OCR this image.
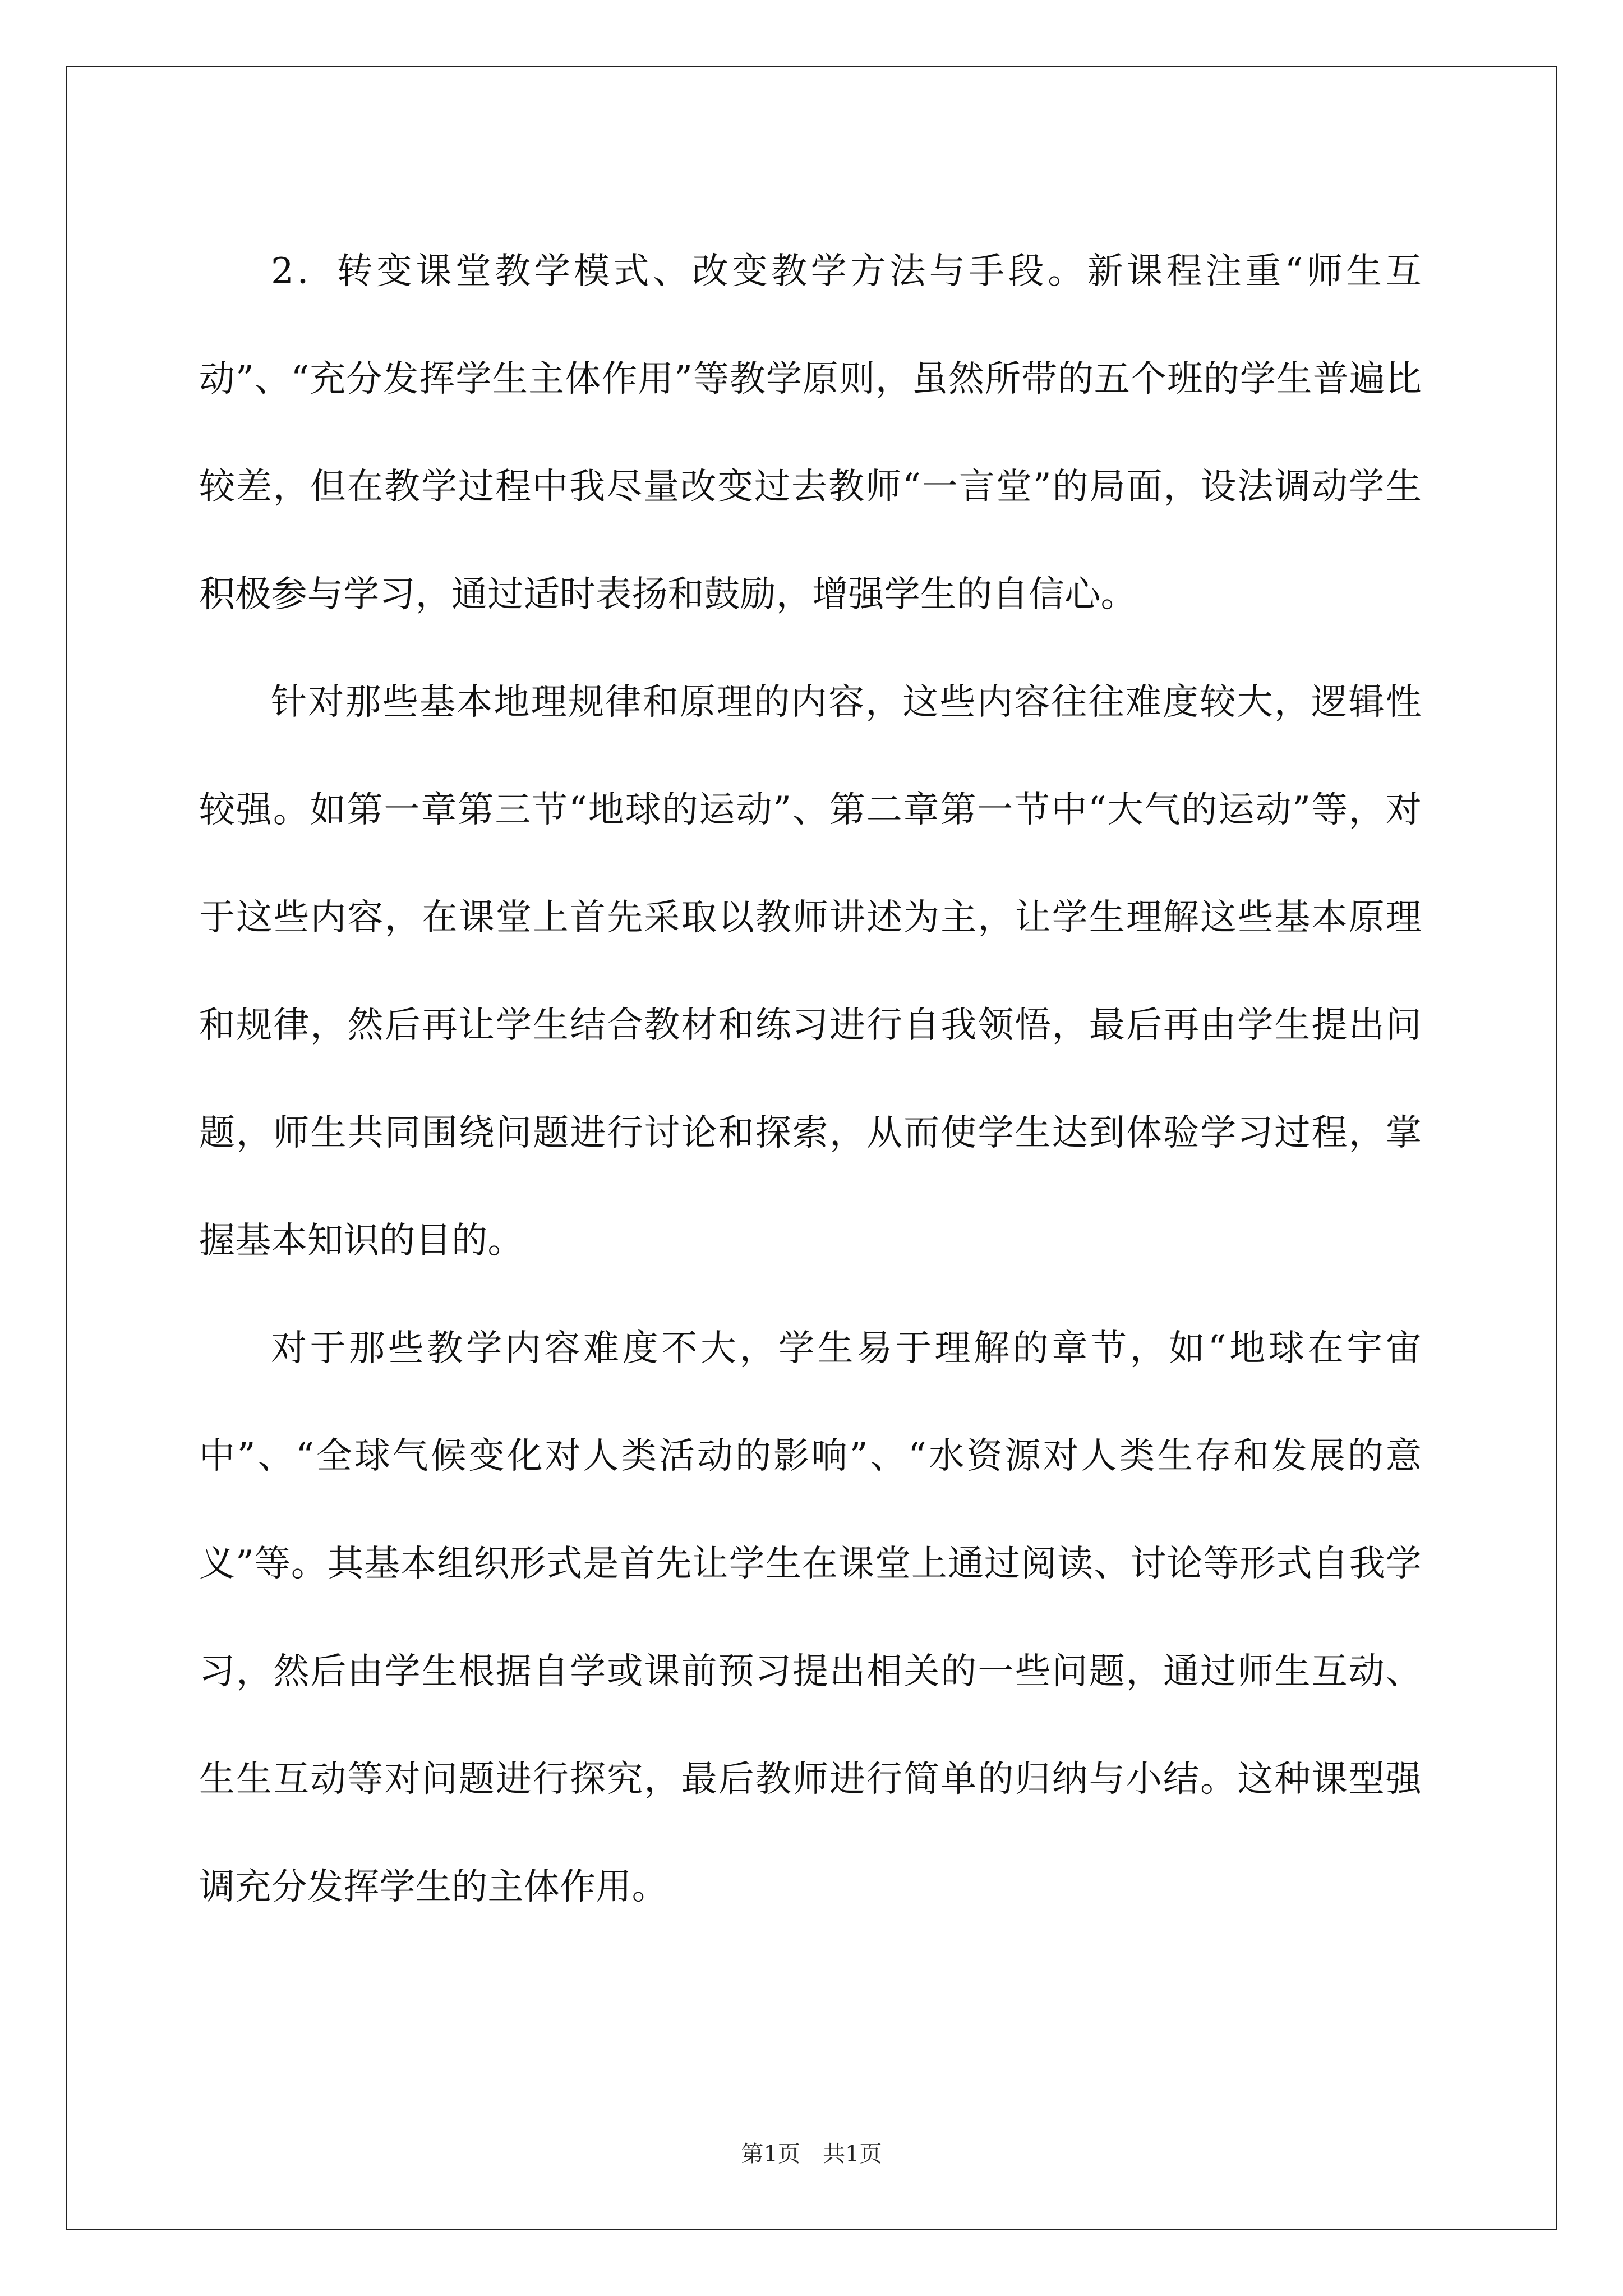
2．转变课堂教学模式、改变教学方法与手段。新课程注重“师生互动”、“充分发挥学生主体作用”等教学原则，虽然所带的五个班的学生普遍比较差，但在教学过程中我尽量改变过去教师“一言堂”的局面，设法调动学生积极参与学习，通过适时表扬和鼓励，增强学生的自信心。

针对那些基本地理规律和原理的内容，这些内容往往难度较大，逻辑性较强。如第一章第三节“地球的运动”、第二章第一节中“大气的运动”等，对于这些内容，在课堂上首先采取以教师讲述为主，让学生理解这些基本原理和规律，然后再让学生结合教材和练习进行自我领悟，最后再由学生提出问题，师生共同围绕问题进行讨论和探索，从而使学生达到体验学习过程，掌握基本知识的目的。

对于那些教学内容难度不大，学生易于理解的章节，如“地球在宇宙中”、“全球气候变化对人类活动的影响”、“水资源对人类生存和发展的意义”等。其基本组织形式是首先让学生在课堂上通过阅读、讨论等形式自我学习，然后由学生根据自学或课前预习提出相关的一些问题，通过师生互动、生生互动等对问题进行探究，最后教师进行简单的归纳与小结。这种课型强调充分发挥学生的主体作用。

第1页　共1页
